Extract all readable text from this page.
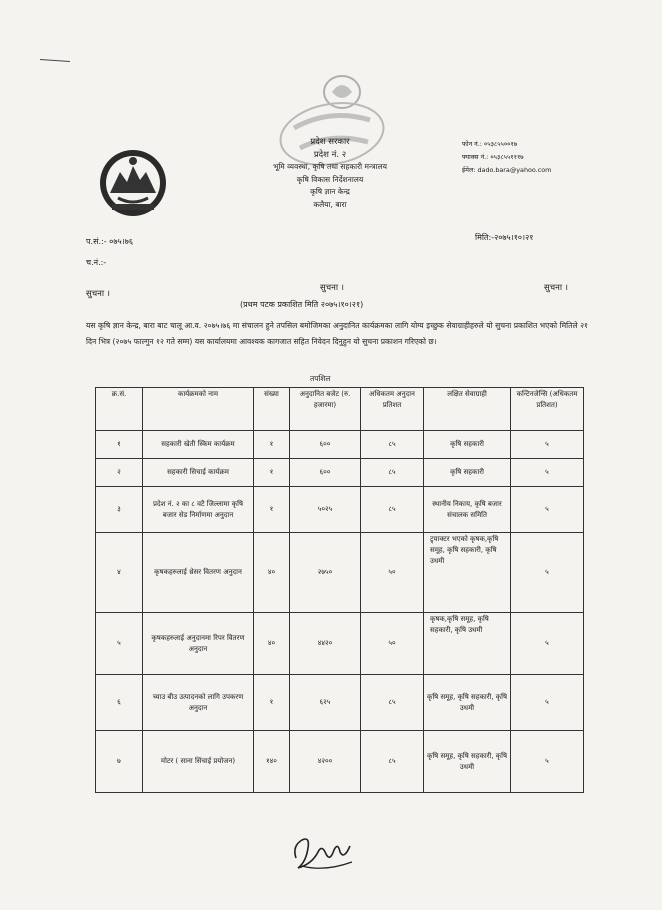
प्रदेश सरकार
प्रदेश नं. २
भूमि व्यवस्था, कृषि तथा सहकारी मन्त्रालय
कृषि विकास निर्देशनालय
कृषि ज्ञान केन्द्र
कलैया, बारा
फोन नं.: ०५३८५५००१७
फ्याक्स नं.: ०५३८५५१११७
ईमेल: dado.bara@yahoo.com
प.सं.:- ०७५।७६
च.नं.:-
मिति:-२०७५।१०।२१
सुचना ।
सुचना ।	सुचना ।
(प्रथम पटक प्रकाशित मिति २०७५।१०।२१)
यस कृषि ज्ञान केन्द्र, बारा बाट चालू आ.व. २०७५।७६ मा संचालन हुने तपसिल बमोजिमका अनुदानित कार्यक्रमका लागि योग्य इच्छुक सेवाग्राहीहरुले यो सुचना प्रकाशित भएको मितिले २१ दिन भित्र (२०७५ फाल्गुन १२ गते सम्म) यस कार्यालयमा आवश्यक कागजात सहित निवेदन दिनुहुन यो सुचना प्रकाशन गरिएको छ।
तपशिल
क्र.सं.	कार्यक्रमको नाम	संख्या	अनुदानित बजेट (रु. हजारमा)	अधिकतम अनुदान प्रतिशत	लक्षित सेवाग्राही	कन्टिनजेन्सि (अधिकतम प्रतिशत)
१	सहकारी खेती स्किम कार्यक्रम	१	६००	८५	कृषि सहकारी	५
२	सहकारी सिचाई कार्यक्रम	१	६००	८५	कृषि सहकारी	५
३	प्रदेश नं. २ का ८ वटै जिल्लामा कृषि बजार सेड निर्माणमा अनुदान	१	५०२५	८५	स्थानीय निकाय, कृषि बजार संचालक समिति	५
४	कृषकहरुलाई थ्रेसर वितरण अनुदान	४०	२७५०	५०	ट्र्याक्टर भएको कृषक,कृषि समूह, कृषि सहकारी, कृषि उधमी	५
५	कृषकहरुलाई अनुदानमा रिपर वितरण अनुदान	४०	४४२०	५०	कृषक,कृषि समूह, कृषि सहकारी, कृषि उधमी	५
६	च्याउ बीउ उत्पादनको लागि उपकरण अनुदान	१	६२५	८५	कृषि समूह, कृषि सहकारी, कृषि उधमी	५
७	मोटर ( साना सिंचाई प्रयोजन)	१४०	४२००	८५	कृषि समूह, कृषि सहकारी, कृषि उधमी	५
